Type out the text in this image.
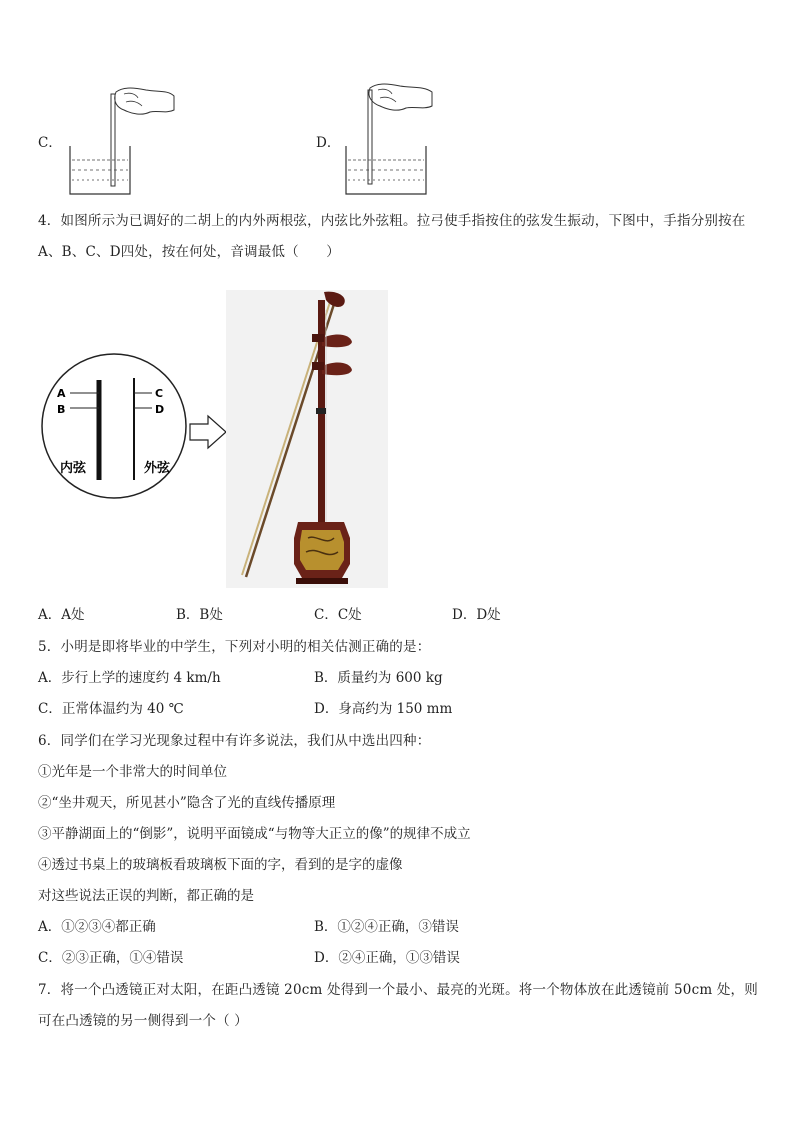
C．	D．
4．如图所示为已调好的二胡上的内外两根弦，内弦比外弦粗。拉弓使手指按住的弦发生振动，下图中，手指分别按在
A、B、C、D四处，按在何处，音调最低（　　）
A
B
C
D
内弦	外弦
A．A处	B．B处	C．C处	D．D处
5．小明是即将毕业的中学生，下列对小明的相关估测正确的是：
A．步行上学的速度约 4 km/h	B．质量约为 600 kg
C．正常体温约为 40 ℃	D．身高约为 150 mm
6．同学们在学习光现象过程中有许多说法，我们从中选出四种：
①光年是一个非常大的时间单位
②“坐井观天，所见甚小”隐含了光的直线传播原理
③平静湖面上的“倒影”，说明平面镜成“与物等大正立的像”的规律不成立
④透过书桌上的玻璃板看玻璃板下面的字，看到的是字的虚像
对这些说法正误的判断，都正确的是
A．①②③④都正确	B．①②④正确，③错误
C．②③正确，①④错误	D．②④正确，①③错误
7．将一个凸透镜正对太阳，在距凸透镜 20cm 处得到一个最小、最亮的光斑。将一个物体放在此透镜前 50cm 处，则
可在凸透镜的另一侧得到一个（ ）
